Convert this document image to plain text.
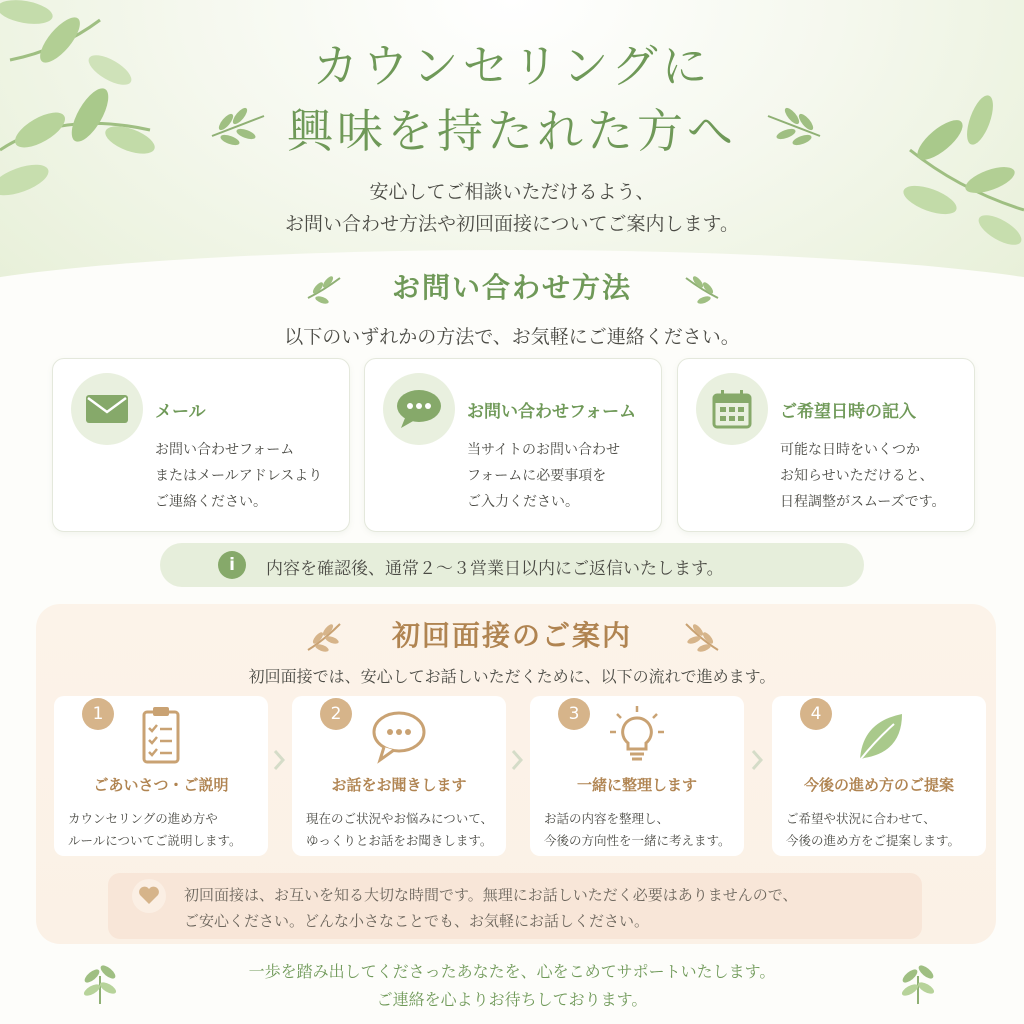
カウンセリングに
興味を持たれた方へ
安心してご相談いただけるよう、
お問い合わせ方法や初回面接についてご案内します。
お問い合わせ方法
以下のいずれかの方法で、お気軽にご連絡ください。
メール
お問い合わせフォーム
またはメールアドレスより
ご連絡ください。
お問い合わせフォーム
当サイトのお問い合わせ
フォームに必要事項を
ご入力ください。
ご希望日時の記入
可能な日時をいくつか
お知らせいただけると、
日程調整がスムーズです。
i	内容を確認後、通常２～３営業日以内にご返信いたします。
初回面接のご案内
初回面接では、安心してお話しいただくために、以下の流れで進めます。
1
ごあいさつ・ご説明
カウンセリングの進め方や
ルールについてご説明します。
2
お話をお聞きします
現在のご状況やお悩みについて、
ゆっくりとお話をお聞きします。
3
一緒に整理します
お話の内容を整理し、
今後の方向性を一緒に考えます。
4
今後の進め方のご提案
ご希望や状況に合わせて、
今後の進め方をご提案します。
初回面接は、お互いを知る大切な時間です。無理にお話しいただく必要はありませんので、
ご安心ください。どんな小さなことでも、お気軽にお話しください。
一歩を踏み出してくださったあなたを、心をこめてサポートいたします。
ご連絡を心よりお待ちしております。
